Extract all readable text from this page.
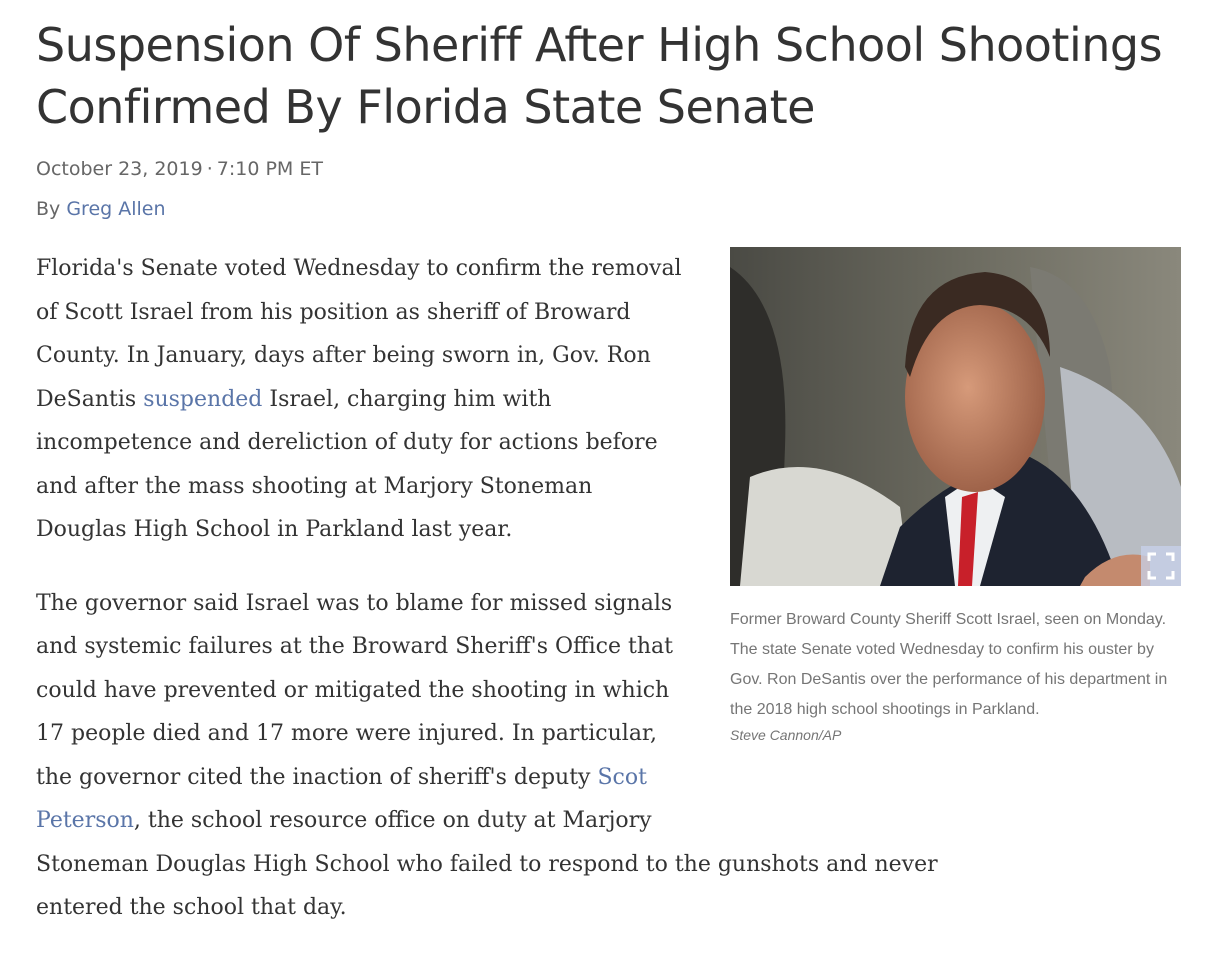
Suspension Of Sheriff After High School Shootings Confirmed By Florida State Senate
October 23, 2019 · 7:10 PM ET
By Greg Allen
Former Broward County Sheriff Scott Israel, seen on Monday. The state Senate voted Wednesday to confirm his ouster by Gov. Ron DeSantis over the performance of his department in the 2018 high school shootings in Parkland.
Steve Cannon/AP

Florida's Senate voted Wednesday to confirm the removal of Scott Israel from his position as sheriff of Broward County. In January, days after being sworn in, Gov. Ron DeSantis suspended Israel, charging him with incompetence and dereliction of duty for actions before and after the mass shooting at Marjory Stoneman Douglas High School in Parkland last year.

The governor said Israel was to blame for missed signals and systemic failures at the Broward Sheriff's Office that could have prevented or mitigated the shooting in which 17 people died and 17 more were injured. In particular, the governor cited the inaction of sheriff's deputy Scot Peterson, the school resource office on duty at Marjory Stoneman Douglas High School who failed to respond to the gunshots and never entered the school that day.
